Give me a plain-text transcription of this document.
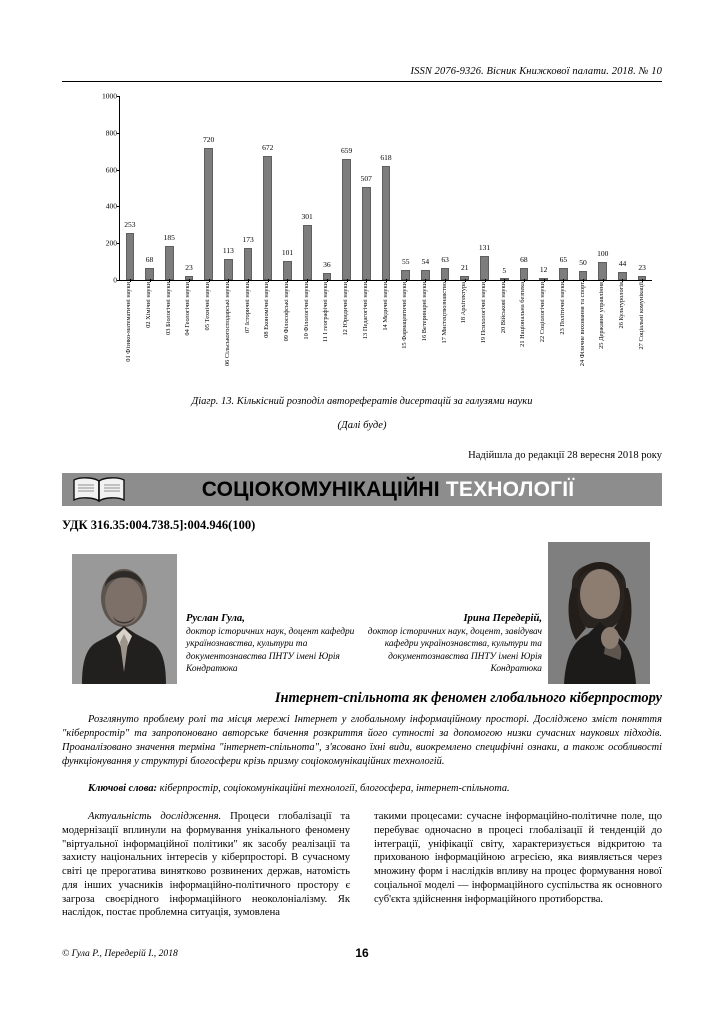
ISSN 2076-9326. Вісник Книжкової палати. 2018. № 10
0
200
400
600
800
1000
253
68
185
23
720
113
173
672
101
301
36
659
507
618
55 54 63
21
131
5
68
12
65 50
100
44 23
01 Фізико-математичні науки 02 Хімічні науки 03 Біологічні науки 04 Геологічні науки 05 Технічні науки 06 Сільськогосподарські науки 07 Історичні науки 08 Економічні науки 09 Філософські науки 10 Філологічні науки 11 І географічні науки 12 Юридичні науки 13 Педагогічні науки 14 Медичні науки 15 Фармацевтичні науки 16 Ветеринарні науки 17 Мистецтвознавство 18 Архітектура 19 Психологічні науки 20 Військові науки 21 Національна безпека 22 Соціологічні науки 23 Політичні науки 24 Фізичне виховання та спорт 25 Державне управління 26 Культурологія 27 Соціальні комунікації
Діагр. 13. Кількісний розподіл авторефератів дисертацій за галузями науки
(Далі буде)
Надійшла до редакції 28 вересня 2018 року
СОЦІОКОМУНІКАЦІЙНІ ТЕХНОЛОГІЇ
УДК 316.35:004.738.5]:004.946(100)
Руслан Гула,
доктор історичних наук, доцент кафедри українознавства, культури та документознавства ПНТУ імені Юрія Кондратюка
Ірина Передерій,
доктор історичних наук, доцент, завідувач кафедри українознавства, культури та документознавства ПНТУ імені Юрія Кондратюка
Інтернет-спільнота як феномен глобального кіберпростору
Розглянуто проблему ролі та місця мережі Інтернет у глобальному інформаційному просторі. Досліджено зміст поняття "кіберпростір" та запропоновано авторське бачення розкриття його сутності за допомогою низки сучасних наукових підходів. Проаналізовано значення терміна "інтернет-спільнота", з'ясовано їхні види, виокремлено специфічні ознаки, а також особливості функціонування у структурі блогосфери крізь призму соціокомунікаційних технологій.
Ключові слова: кіберпростір, соціокомунікаційні технології, блогосфера, інтернет-спільнота.

Актуальність дослідження. Процеси глобалізації та модернізації вплинули на формування унікального феномену "віртуальної інформаційної політики" як засобу реалізації та захисту національних інтересів у кіберпросторі. В сучасному світі це прерогатива винятково розвинених держав, натомість для інших учасників інформаційно-політичного простору є загроза своєрідного інформаційного неоколоніалізму. Як наслідок, постає проблемна ситуація, зумовлена

такими процесами: сучасне інформаційно-політичне поле, що перебуває одночасно в процесі глобалізації й тенденцій до інтеграції, уніфікації світу, характеризується відкритою та прихованою інформаційною агресією, яка виявляється через множину форм і наслідків впливу на процес формування нової соціальної моделі — інформаційного суспільства як основного суб'єкта здійснення інформаційного протиборства.

© Гула Р., Передерій І., 2018	16
